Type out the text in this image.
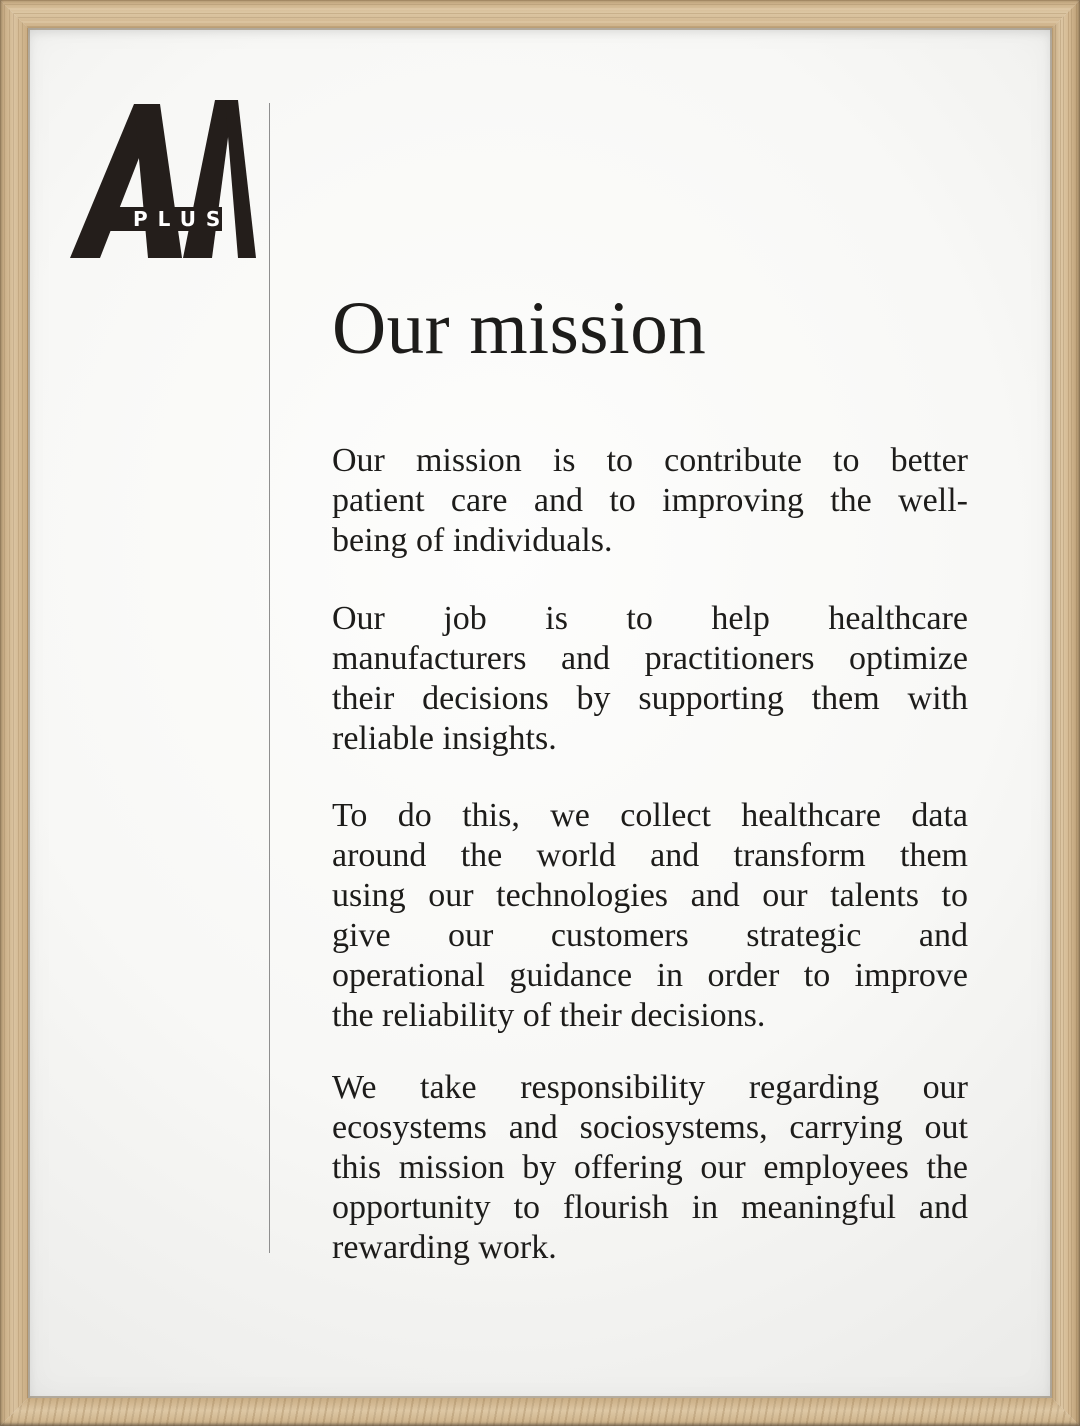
PLUS
Our mission
Our mission is to contribute to better
patient care and to improving the well-
being of individuals.
Our job is to help healthcare
manufacturers and practitioners optimize
their decisions by supporting them with
reliable insights.
To do this, we collect healthcare data
around the world and transform them
using our technologies and our talents to
give our customers strategic and
operational guidance in order to improve
the reliability of their decisions.
We take responsibility regarding our
ecosystems and sociosystems, carrying out
this mission by offering our employees the
opportunity to flourish in meaningful and
rewarding work.
